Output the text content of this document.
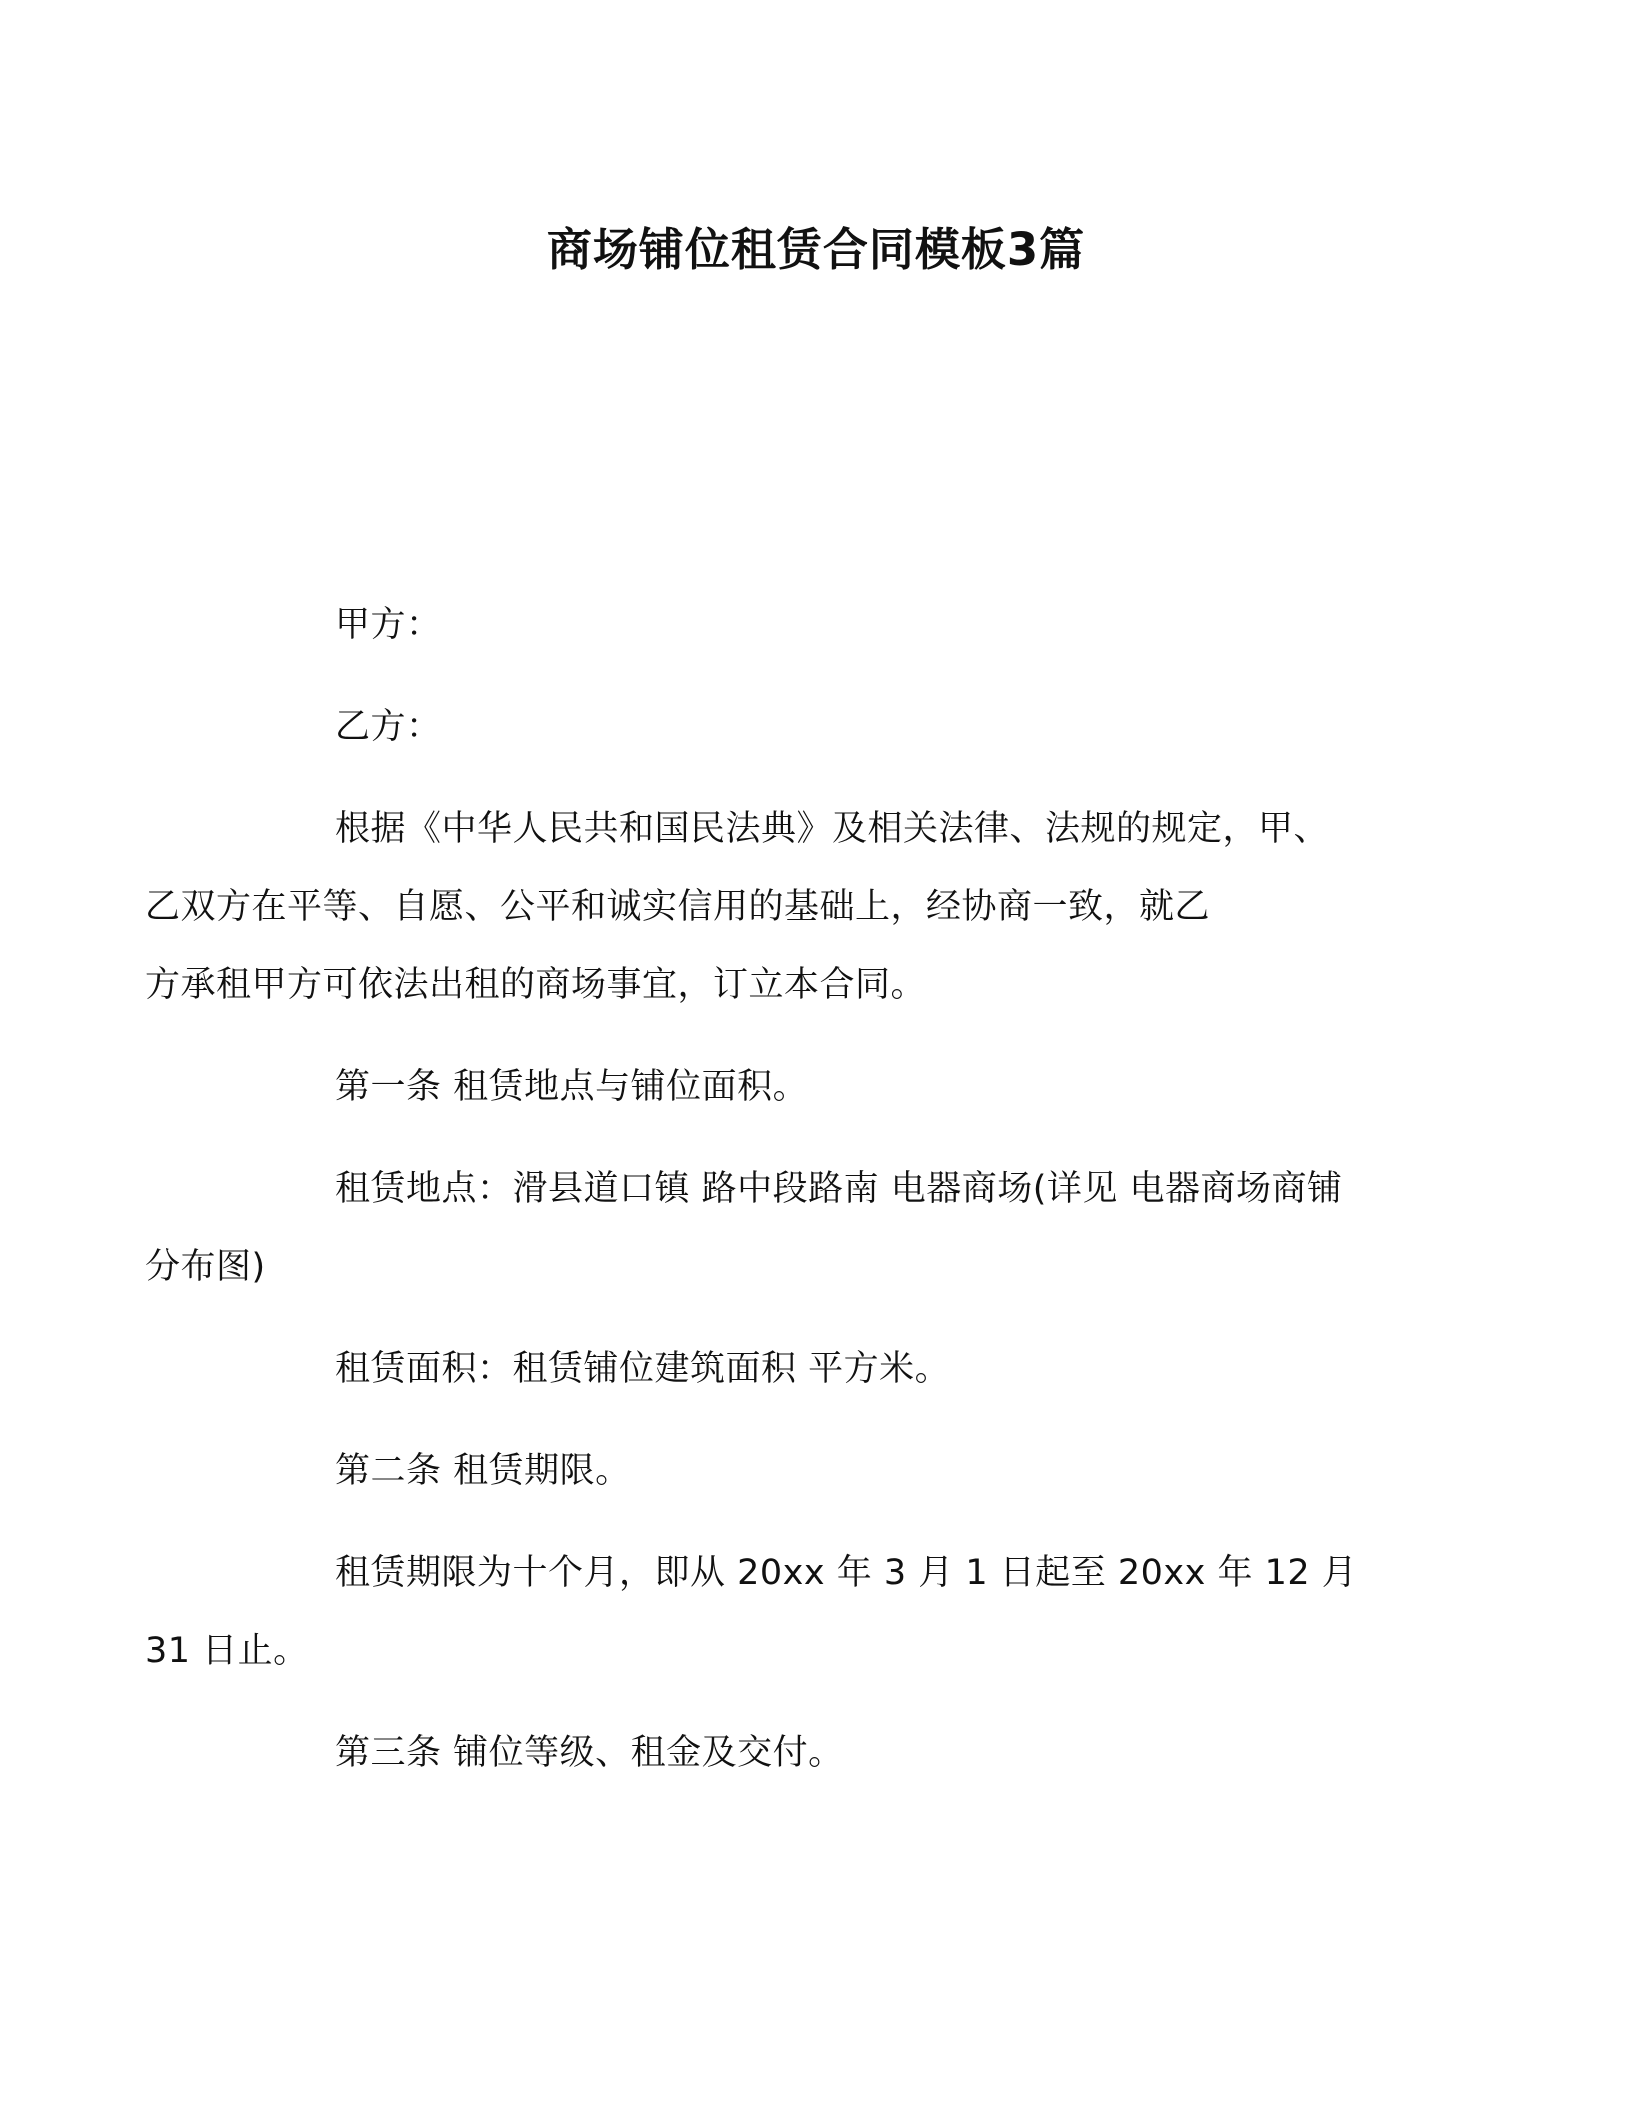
商场铺位租赁合同模板3篇

甲方：

乙方：

根据《中华人民共和国民法典》及相关法律、法规的规定，甲、

乙双方在平等、自愿、公平和诚实信用的基础上，经协商一致，就乙
方承租甲方可依法出租的商场事宜，订立本合同。

第一条 租赁地点与铺位面积。

租赁地点：滑县道口镇 路中段路南 电器商场(详见 电器商场商铺

分布图)

租赁面积：租赁铺位建筑面积 平方米。

第二条 租赁期限。

租赁期限为十个月，即从 20xx 年 3 月 1 日起至 20xx 年 12 月

31 日止。

第三条 铺位等级、租金及交付。
